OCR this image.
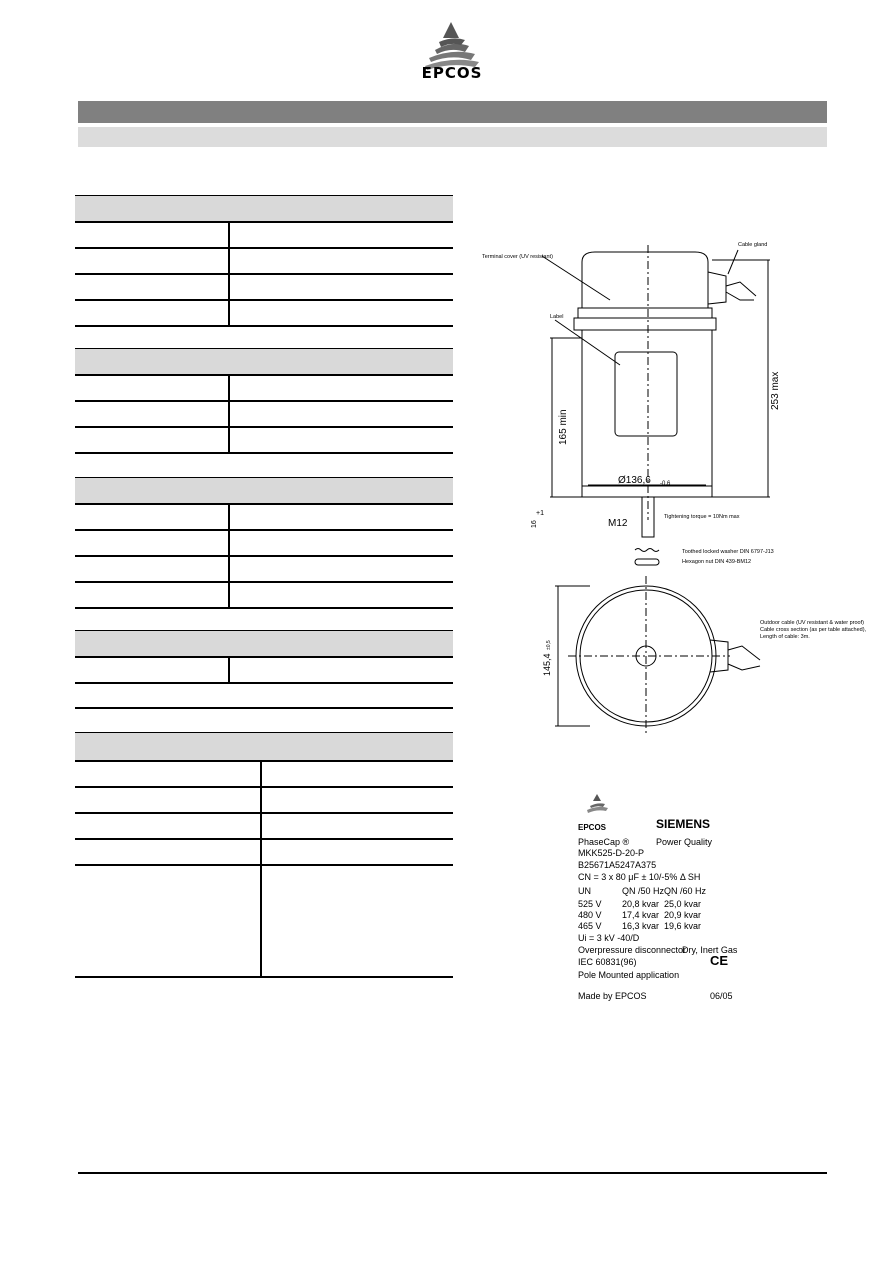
EPCOS
Terminal cover (UV resistant)
Cable gland
Label
253 max
165 min
Ø136,6 -0,6
M12
16
+1	Tightening torque = 10Nm max
Toothed locked washer DIN 6797-J13
Hexagon nut DIN 439-BM12
145,4
±0,5
Outdoor cable (UV resistant & water proof)
Cable cross section (as per table attached),
Length of cable: 3m.
EPCOS	SIEMENS
PhaseCap ®	Power Quality
MKK525-D-20-P
B25671A5247A375
CN = 3 x 80 μF ± 10/-5% Δ SH
UN	QN /50 Hz QN /60 Hz
525 V 20,8 kvar 25,0 kvar
480 V 17,4 kvar 20,9 kvar
465 V 16,3 kvar 19,6 kvar
Ui = 3 kV -40/D
Overpressure disconnector
Dry, Inert Gas
IEC 60831(96)	CE
Pole Mounted application
Made by EPCOS	06/05
